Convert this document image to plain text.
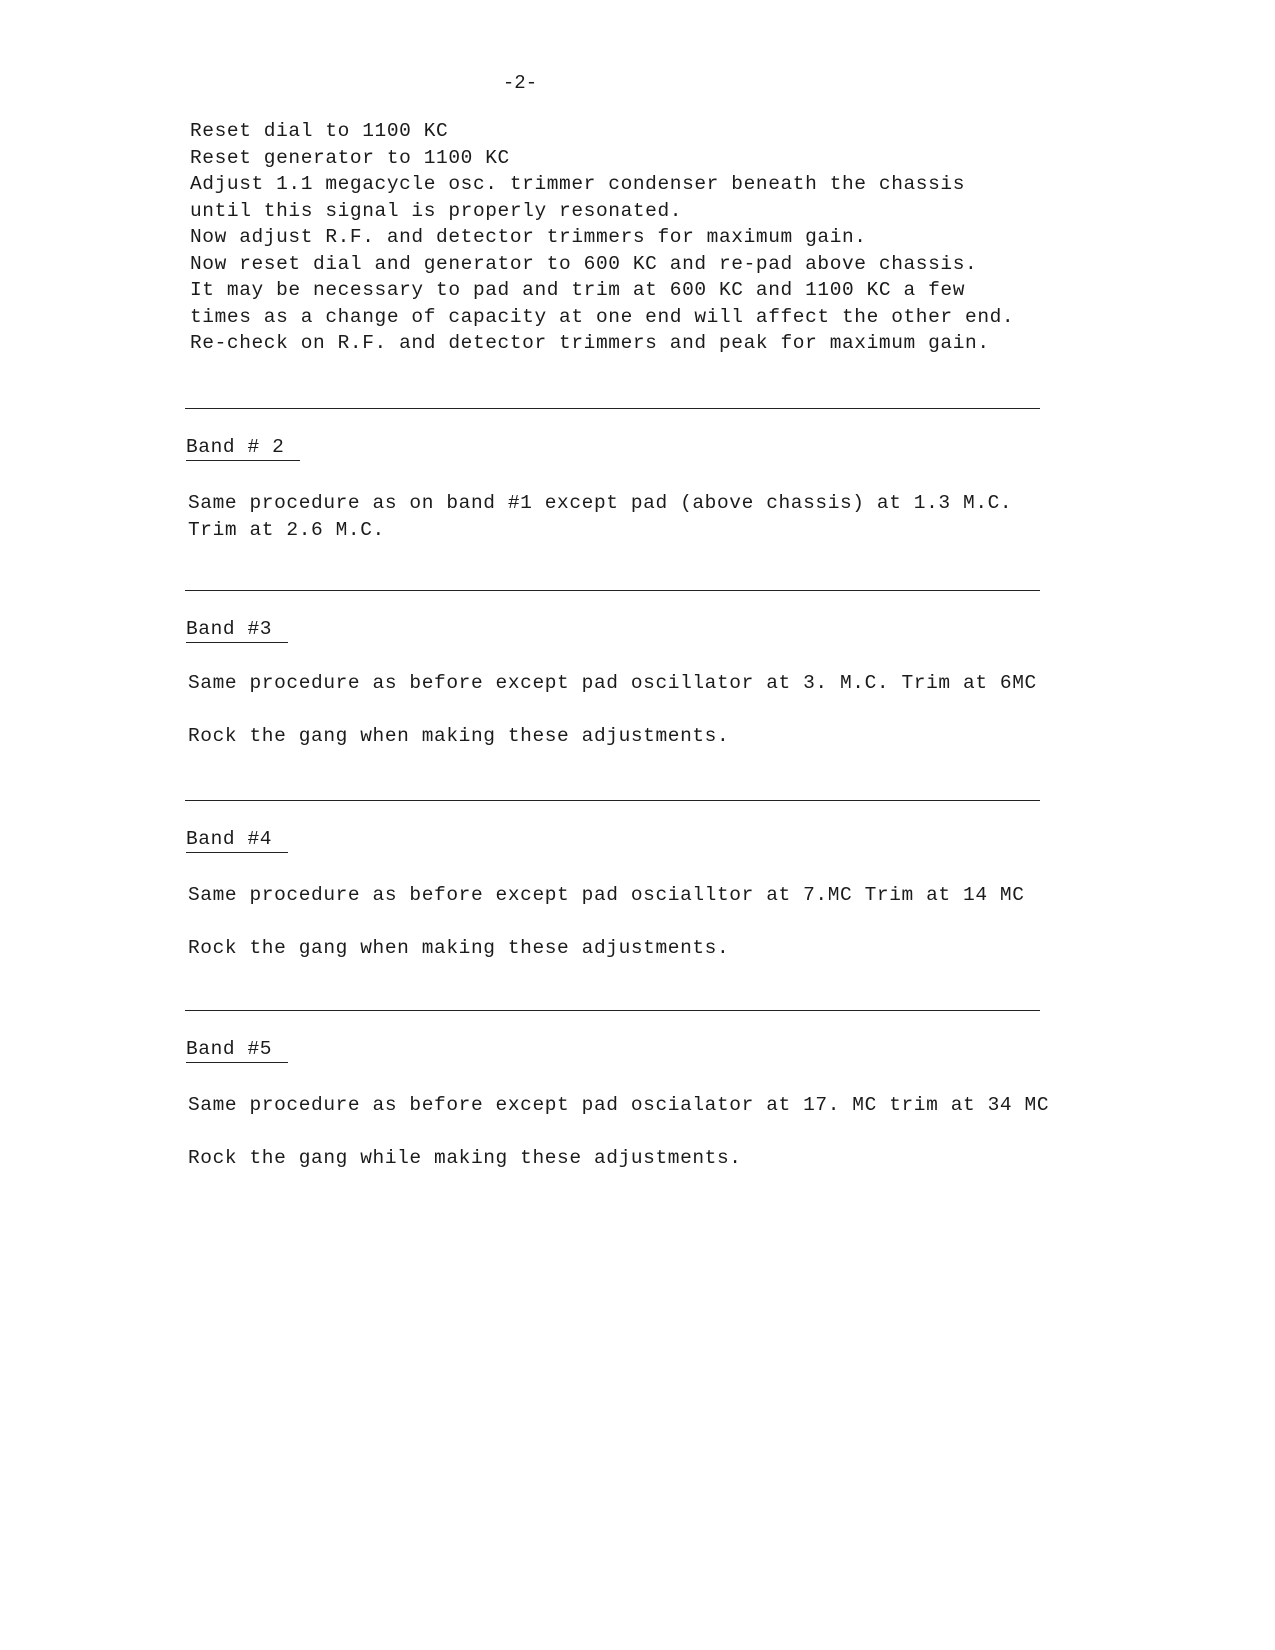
-2-
Reset dial to 1100 KC
Reset generator to 1100 KC
Adjust 1.1 megacycle osc. trimmer condenser beneath the chassis
until this signal is properly resonated.
Now adjust R.F. and detector trimmers for maximum gain.
Now reset dial and generator to 600 KC and re-pad above chassis.
It may be necessary to pad and trim at 600 KC and 1100 KC a few
times as a change of capacity at one end will affect the other end.
Re-check on R.F. and detector trimmers and peak for maximum gain.
Band # 2
Same procedure as on band #1 except pad (above chassis) at 1.3 M.C.
Trim at 2.6 M.C.
Band #3
Same procedure as before except pad oscillator at 3. M.C. Trim at 6MC

Rock the gang when making these adjustments.
Band #4
Same procedure as before except pad oscialltor at 7.MC Trim at 14 MC

Rock the gang when making these adjustments.
Band #5
Same procedure as before except pad oscialator at 17. MC trim at 34 MC

Rock the gang while making these adjustments.
